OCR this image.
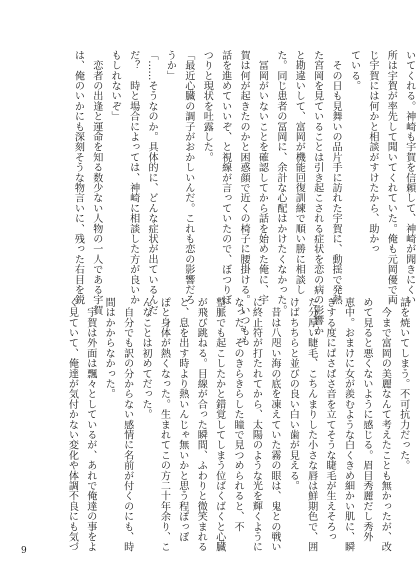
いてくれる。神崎も宇賀を信頼して、神崎が聞きにくい

所は宇賀が率先して聞いてくれていた。俺も元岡優で両

じ宇賀には何かと相談がすけたから、助かっ

ている。

　その日も見舞いの品片手に訪れた宇賀に、動揺で発熱

た宮岡を見ていることは引き起こされる症状を恋の病の影響か

と勘違いして、富岡が機能回復訓練で順い勝に相談し

た。同じ患者の冨岡に、余計な心配はかけたくなかった。

　冨岡がいないことを確認してから話を始めた俺に、宇

賀は何が起きたのかと困惑顔で近くの椅子に腰掛ける。いつもも

話を進めていいぞ、と視線が言っていたので、ぼつりぼ

つりと現状を吐露した。

「最近心臓の調子がおかしいんだ。これも恋の影響だろ

うか」

「……そうなのか。具体的に、どんな症状が出ているんだ

だ？　時と場合によっては、神崎に相談した方が良いか

もしれないぞ」

　恋者の出逢と運命を知る数少ない人物の一人である宇賀

は、俺のいかにも深刻そうな物言いに、残った右目を鋭

話を焼いてしまう。不可抗力だった。

　今まで富岡の美麗なんて考えたことも無かったが、改

めて見ると悪くないように感じる。眉目秀麗だし秀外

恵中。おまけに女が羨むような白くきめ細かい肌に、瞬

きする度にぱさぱさ音を立てそうな睫毛が生えそろっ

た分厚い睫毛、こちんまりした小さな唇は鮮期色で、囲

けばちちらと並びの良い白い歯が見える。

　昔は八咫い海の底を凍えていた霧の眼は、鬼との戦い

に終止符が打たれてから、太陽のような光を輝くように

なった。そのきらきらした瞳で見つめられると、不

整脈でも起こしたかと錯覚してしまう位ばくばくと心臓

が飛び跳ねる。目線が合った瞬間、ふわりと微笑まれる

と、息を出す時より熱いんじゃ無いかと思う程ぽっぽ

ぽと身体が熱くなった。生まれてこの方二十年余り、こ

んなことは初めてだった。

　自分でも訳の分からない感情に名前が付くのにも、時

間はかからなかった。

　宇賀は外面は飄々としているが、あれで俺達の事をよ

く見ていて、俺達が気付かない変化や体調不良にも気づ

9
